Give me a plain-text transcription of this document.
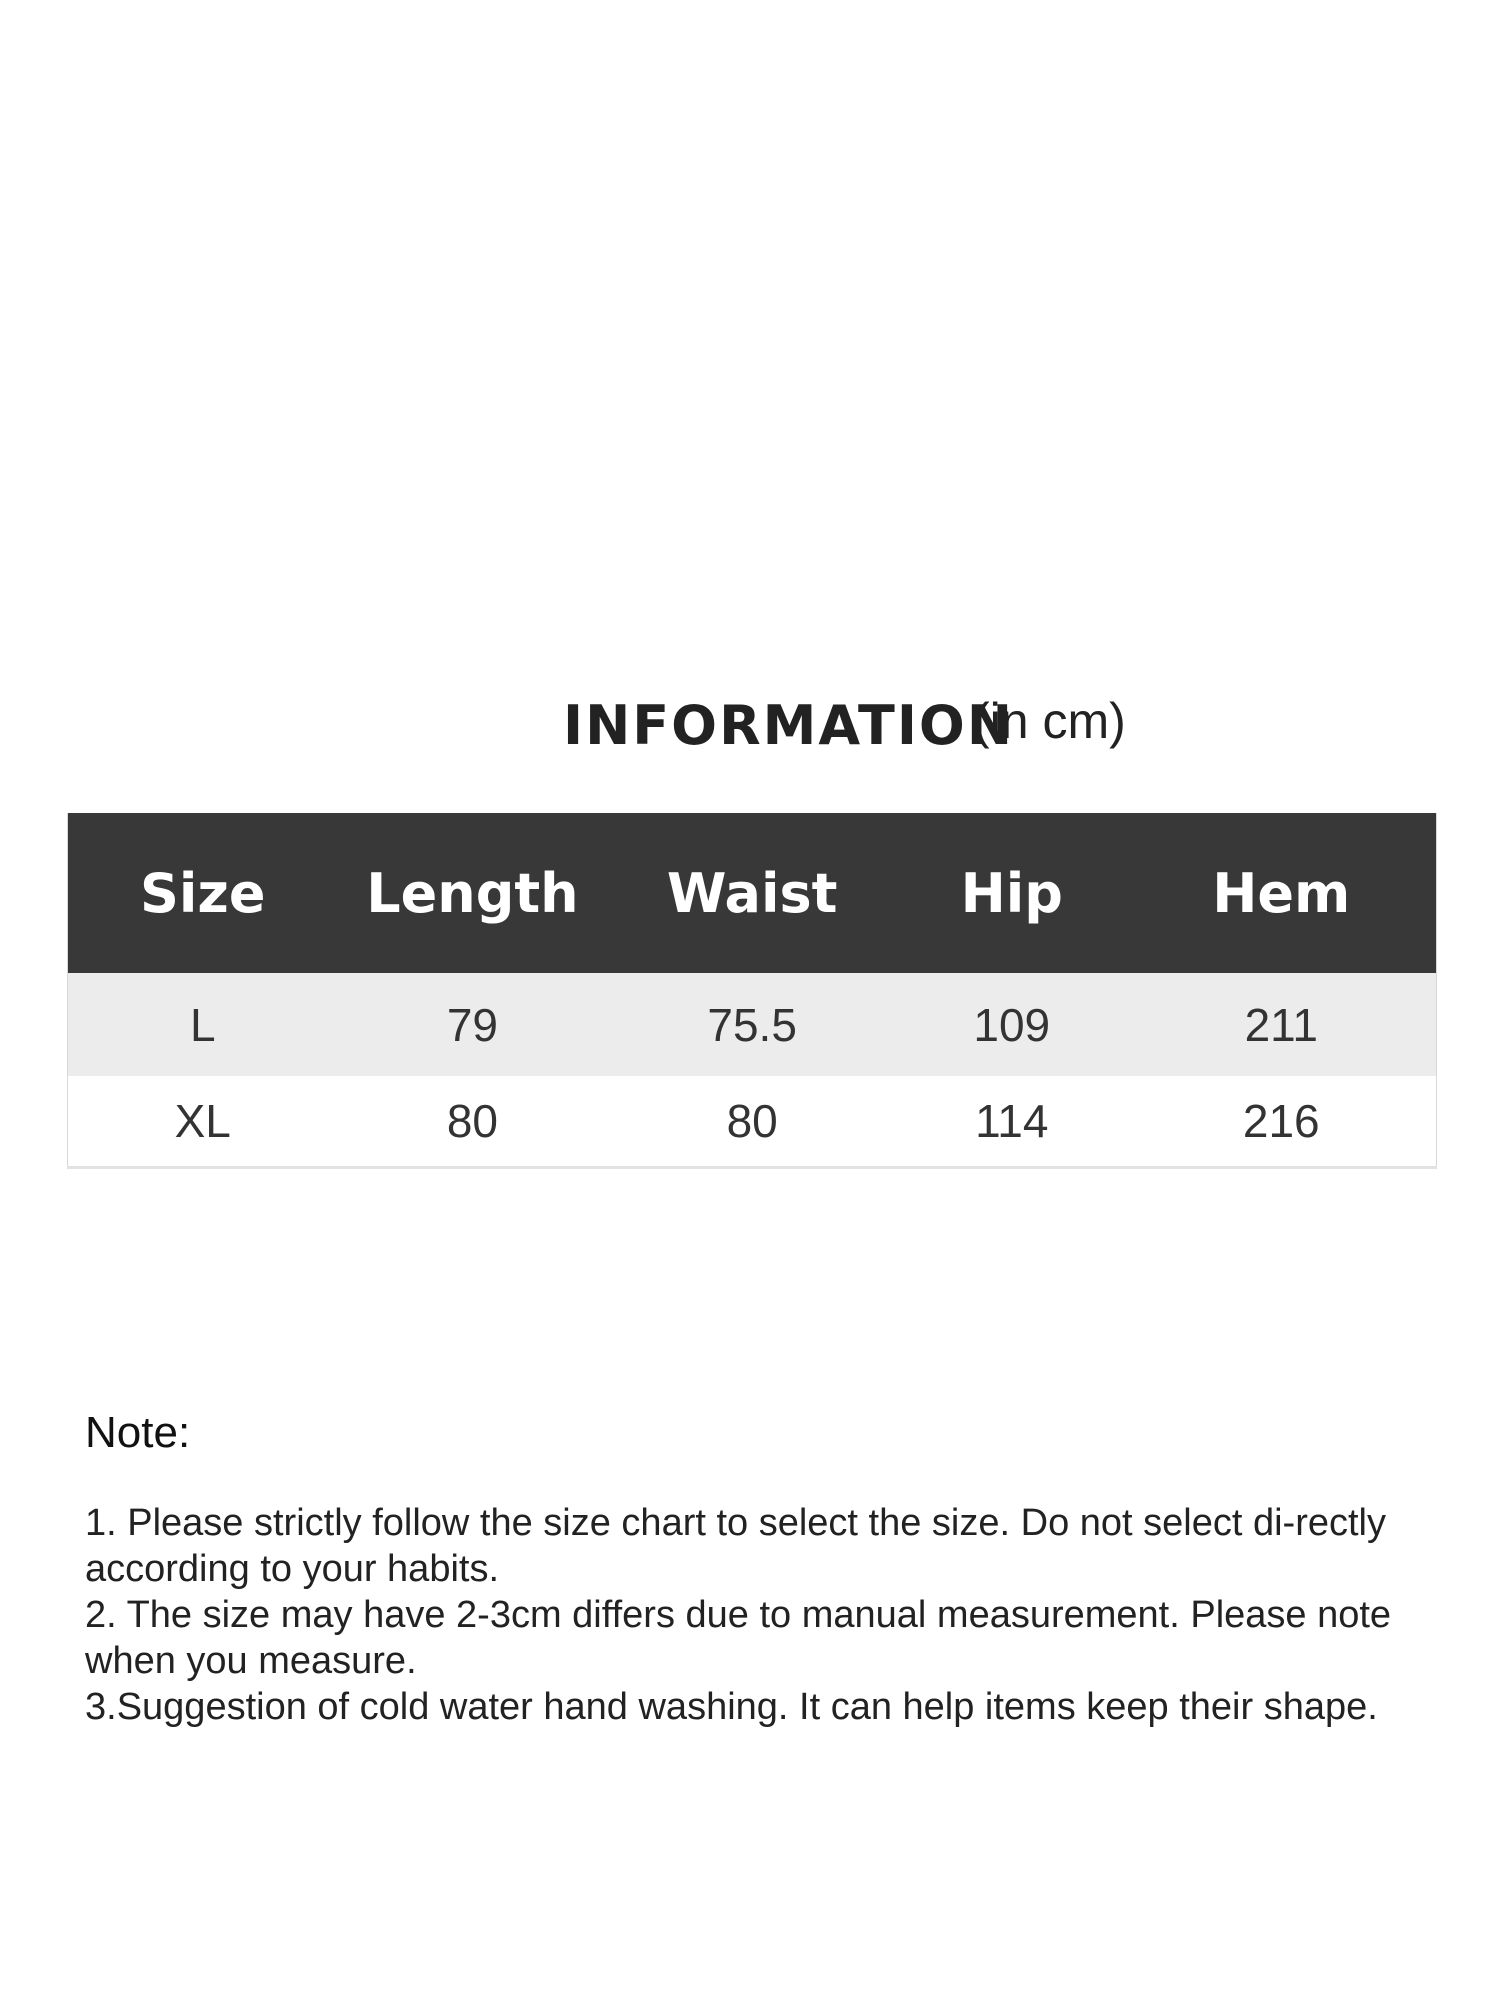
INFORMATION
(in cm)
Size	Length	Waist	Hip	Hem
L	79	75.5	109	211
XL	80	80	114	216
Note:

1. Please strictly follow the size chart to select the size. Do not select di-rectly according to your habits.

2. The size may have 2-3cm differs due to manual measurement. Please note when you measure.

3.Suggestion of cold water hand washing. It can help items keep their shape.
